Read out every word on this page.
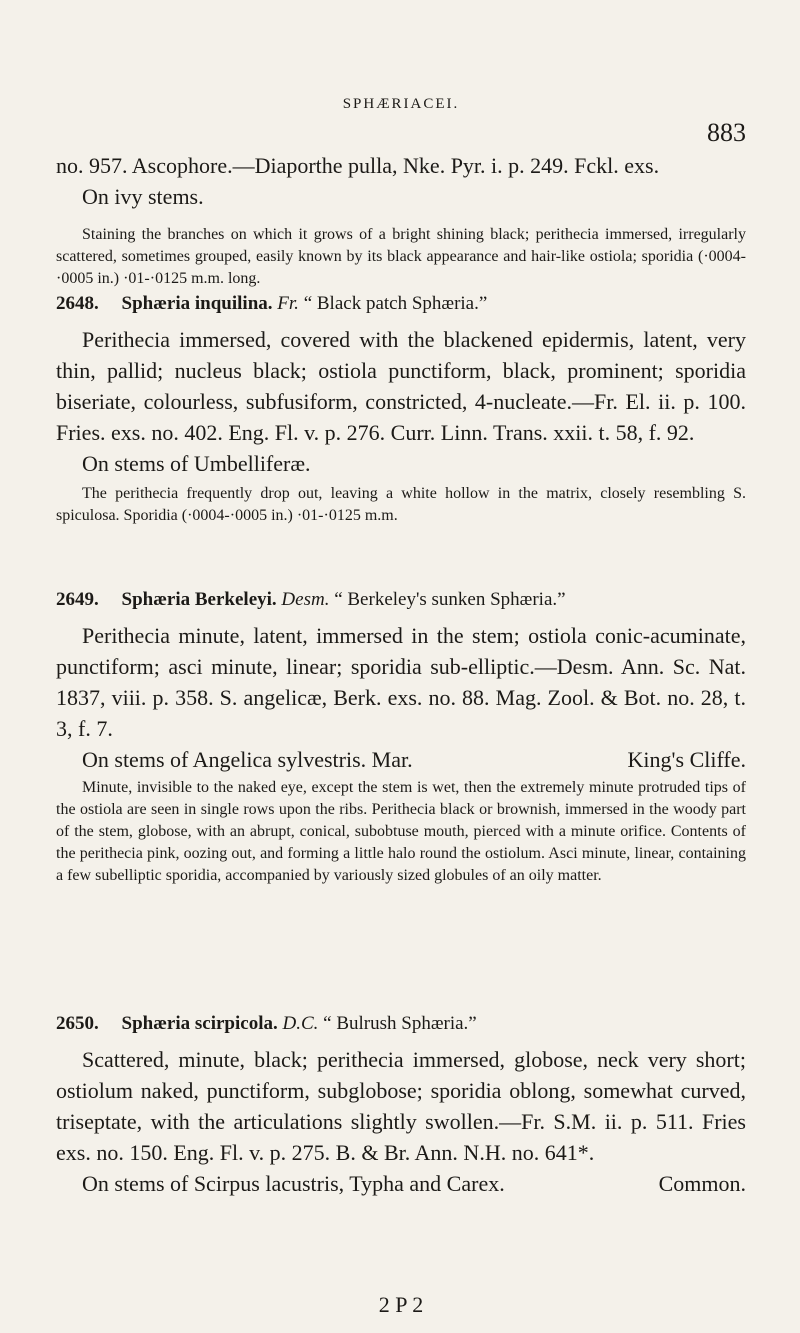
SPHÆRIACEI.
883

no. 957. Ascophore.—Diaporthe pulla, Nke. Pyr. i. p. 249. Fckl. exs.

On ivy stems.

Staining the branches on which it grows of a bright shining black; perithecia immersed, irregularly scattered, sometimes grouped, easily known by its black appearance and hair-like ostiola; sporidia (·0004-·0005 in.) ·01-·0125 m.m. long.

2648. Sphæria inquilina. Fr. “ Black patch Sphæria.”

Perithecia immersed, covered with the blackened epidermis, latent, very thin, pallid; nucleus black; ostiola punctiform, black, prominent; sporidia biseriate, colourless, subfusiform, constricted, 4-nucleate.—Fr. El. ii. p. 100. Fries. exs. no. 402. Eng. Fl. v. p. 276. Curr. Linn. Trans. xxii. t. 58, f. 92.

On stems of Umbelliferæ.

The perithecia frequently drop out, leaving a white hollow in the matrix, closely resembling S. spiculosa. Sporidia (·0004-·0005 in.) ·01-·0125 m.m.

2649. Sphæria Berkeleyi. Desm. “ Berkeley's sunken Sphæria.”

Perithecia minute, latent, immersed in the stem; ostiola conic-acuminate, punctiform; asci minute, linear; sporidia sub-elliptic.—Desm. Ann. Sc. Nat. 1837, viii. p. 358. S. angelicæ, Berk. exs. no. 88. Mag. Zool. & Bot. no. 28, t. 3, f. 7.

On stems of Angelica sylvestris. Mar.	King's Cliffe.

Minute, invisible to the naked eye, except the stem is wet, then the extremely minute protruded tips of the ostiola are seen in single rows upon the ribs. Perithecia black or brownish, immersed in the woody part of the stem, globose, with an abrupt, conical, subobtuse mouth, pierced with a minute orifice. Contents of the perithecia pink, oozing out, and forming a little halo round the ostiolum. Asci minute, linear, containing a few subelliptic sporidia, accompanied by variously sized globules of an oily matter.

2650. Sphæria scirpicola. D.C. “ Bulrush Sphæria.”

Scattered, minute, black; perithecia immersed, globose, neck very short; ostiolum naked, punctiform, subglobose; sporidia oblong, somewhat curved, triseptate, with the articulations slightly swollen.—Fr. S.M. ii. p. 511. Fries exs. no. 150. Eng. Fl. v. p. 275. B. & Br. Ann. N.H. no. 641*.

On stems of Scirpus lacustris, Typha and Carex.	Common.

2 P 2
